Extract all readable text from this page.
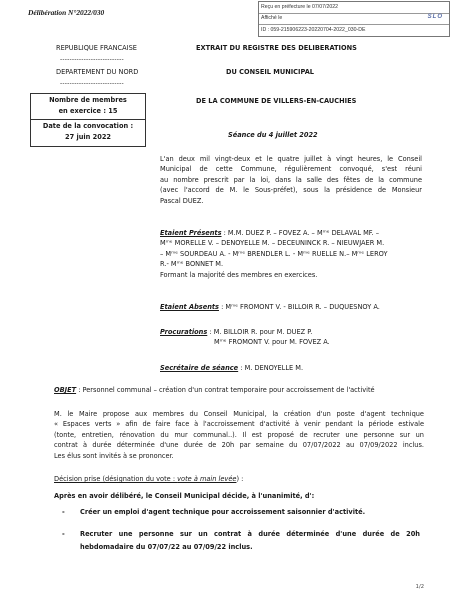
Délibération N°2022/030
Reçu en préfecture le 07/07/2022
Affiché le	SLO
ID : 059-215906223-20220704-2022_030-DE
REPUBLIQUE FRANCAISE
---------------------------
DEPARTEMENT DU NORD
---------------------------
EXTRAIT DU REGISTRE DES DELIBERATIONS
DU CONSEIL MUNICIPAL
DE LA COMMUNE DE VILLERS-EN-CAUCHIES
Nombre de membres
en exercice : 15
Date de la convocation :
27 juin 2022	Séance du 4 juillet 2022
L'an deux mil vingt-deux et le quatre juillet à vingt heures, le Conseil
Municipal de cette Commune, régulièrement convoqué, s'est réuni
au nombre prescrit par la loi, dans la salle des fêtes de la commune
(avec l'accord de M. le Sous-préfet), sous la présidence de Monsieur
Pascal DUEZ.
Etaient Présents : M.M. DUEZ P. – FOVEZ A. – Mᵐᵉ DELAVAL MF. –
Mᵐᵉ MORELLE V. – DENOYELLE M. – DECEUNINCK R. – NIEUWJAER M.
– Mᵐᵉ SOURDEAU A. - Mᵐᵉ BRENDLER L. - Mᵐᵉ RUELLE N.– Mᵐᵉ LEROY
R.- Mᵐᵉ BONNET M.
Formant la majorité des membres en exercices.
Etaient Absents : Mᵐᵉ FROMONT V. - BILLOIR R. – DUQUESNOY A.
Procurations : M. BILLOIR R. pour M. DUEZ P.
Mᵐᵉ FROMONT V. pour M. FOVEZ A.
Secrétaire de séance : M. DENOYELLE M.
OBJET : Personnel communal – création d'un contrat temporaire pour accroissement de l'activité
M. le Maire propose aux membres du Conseil Municipal, la création d'un poste d'agent technique
« Espaces verts » afin de faire face à l'accroissement d'activité à venir pendant la période estivale
(tonte, entretien, rénovation du mur communal..). Il est proposé de recruter une personne sur un
contrat à durée déterminée d'une durée de 20h par semaine du 07/07/2022 au 07/09/2022 inclus.
Les élus sont invités à se prononcer.
Décision prise (désignation du vote : vote à main levée) :
Après en avoir délibéré, le Conseil Municipal décide, à l'unanimité, d':
- Créer un emploi d'agent technique pour accroissement saisonnier d'activité.
- Recruter une personne sur un contrat à durée déterminée d'une durée de 20h
hebdomadaire du 07/07/22 au 07/09/22 inclus.
1/2
